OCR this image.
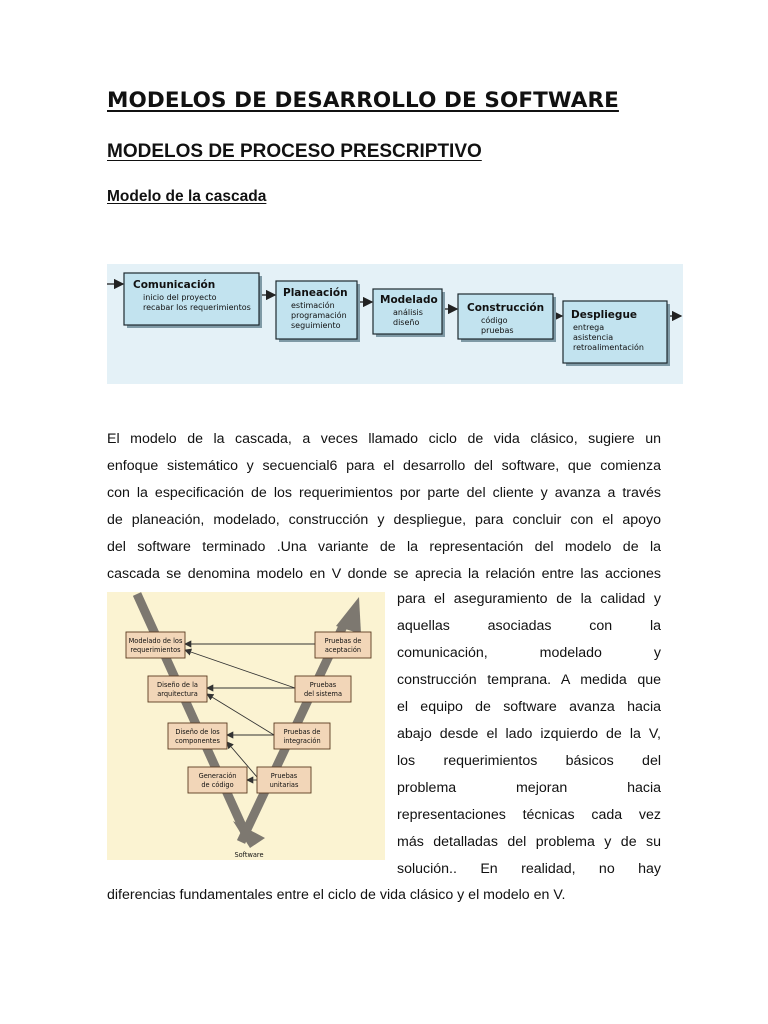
MODELOS DE DESARROLLO DE SOFTWARE
MODELOS DE PROCESO PRESCRIPTIVO
Modelo de la cascada
Comunicación
Planeación
Modelado
Construcción
Despliegue
inicio del proyecto
recabar los requerimientos	estimación
programación
seguimiento
análisis
diseño	código
pruebas	entrega
asistencia
retroalimentación
El modelo de la cascada, a veces llamado ciclo de vida clásico, sugiere un
enfoque sistemático y secuencial6 para el desarrollo del software, que comienza
con la especificación de los requerimientos por parte del cliente y avanza a través
de planeación, modelado, construcción y despliegue, para concluir con el apoyo
del software terminado .Una variante de la representación del modelo de la
cascada se denomina modelo en V donde se aprecia la relación entre las acciones
Modelado de los
requerimientos
Diseño de la
arquitectura
Diseño de los
componentes
Generación
de código
Pruebas de
aceptación
Pruebas
del sistema
Pruebas de
integración
Pruebas
unitarias
Software
para el aseguramiento de la calidad y
aquellas asociadas con la
comunicación, modelado y
construcción temprana. A medida que
el equipo de software avanza hacia
abajo desde el lado izquierdo de la V,
los requerimientos básicos del
problema mejoran hacia
representaciones técnicas cada vez
más detalladas del problema y de su
solución.. En realidad, no hay

diferencias fundamentales entre el ciclo de vida clásico y el modelo en V.
